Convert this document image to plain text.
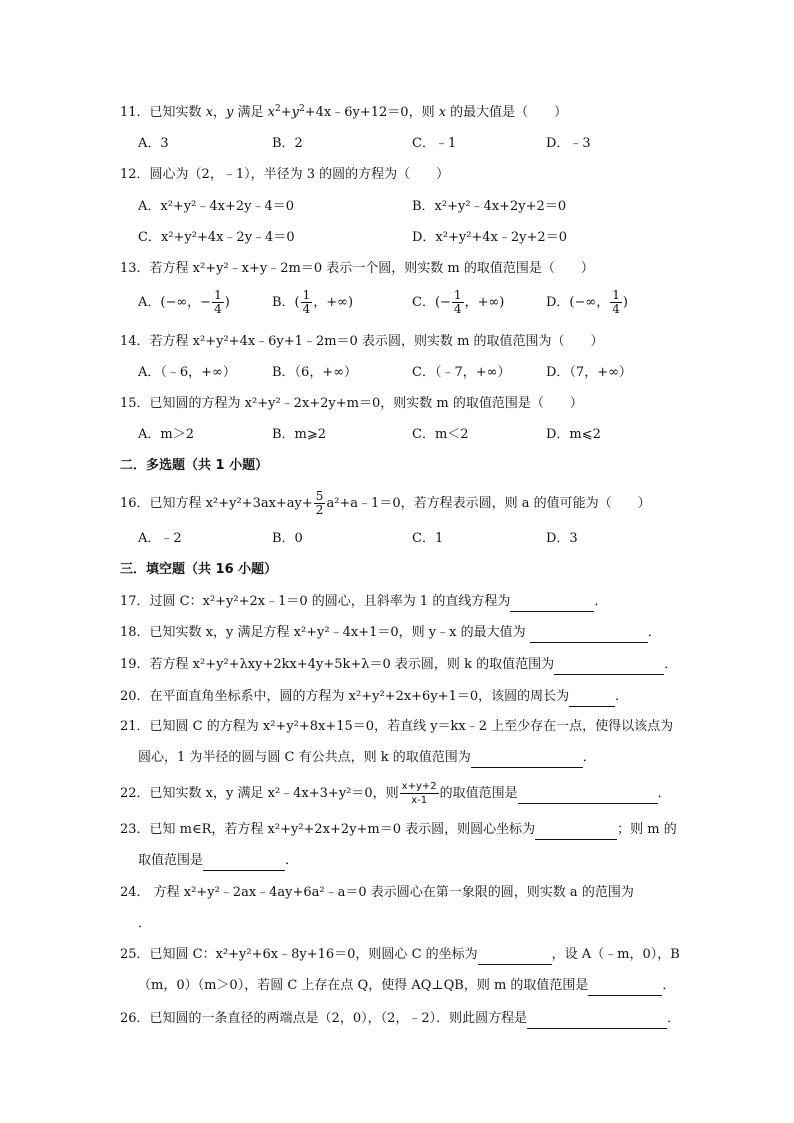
11．已知实数 x，y 满足 $x^2+y^2+4x﹣6y+12=0$，则 x 的最大值是（　　）
A．3	B．2	C．﹣1	D．﹣3
12．圆心为（2，﹣1），半径为 3 的圆的方程为（　　）
A．x²+y²﹣4x+2y﹣4＝0	B．x²+y²﹣4x+2y+2＝0
C．x²+y²+4x﹣2y﹣4＝0	D．x²+y²+4x﹣2y+2＝0
13．若方程 x²+y²﹣x+y﹣2m＝0 表示一个圆，则实数 m 的取值范围是（　　）
A．(−∞，− $\frac{1}{4}$ )	B．( $\frac{1}{4}$ ，+∞)	C．(− $\frac{1}{4}$ ，+∞)	D．(−∞， $\frac{1}{4}$ )
14．若方程 x²+y²+4x﹣6y+1﹣2m＝0 表示圆，则实数 m 的取值范围为（　　）
A．（﹣6，+∞）	B．（6，+∞）	C．（﹣7，+∞）	D．（7，+∞）
15．已知圆的方程为 x²+y²﹣2x+2y+m＝0，则实数 m 的取值范围是（　　）
A．m＞2	B．m⩾2	C．m＜2	D．m⩽2
二．多选题（共 1 小题）
16．已知方程 $x^2+y^2+3ax+ay+ \frac{5}{2}$ a²+a﹣1＝0，若方程表示圆，则 a 的值可能为（　　）
A．﹣2	B．0	C．1	D．3
三．填空题（共 16 小题）
17．过圆 C：x²+y²+2x﹣1＝0 的圆心，且斜率为 1 的直线方程为	．
18．已知实数 x，y 满足方程 x²+y²﹣4x+1＝0，则 y﹣x 的最大值为	．
19．若方程 x²+y²+λxy+2kx+4y+5k+λ＝0 表示圆，则 k 的取值范围为	．
20．在平面直角坐标系中，圆的方程为 x²+y²+2x+6y+1＝0，该圆的周长为	．
21．已知圆 C 的方程为 x²+y²+8x+15＝0，若直线 y＝kx﹣2 上至少存在一点，使得以该点为
圆心，1 为半径的圆与圆 C 有公共点，则 k 的取值范围为	．
22．已知实数 x，y 满足 x²﹣4x+3+y²＝0，则 $\frac{x+y+2}{x-1}$ 的取值范围是	．
23．已知 m∈R，若方程 x²+y²+2x+2y+m＝0 表示圆，则圆心坐标为	；则 m 的
取值范围是	．
24． 方程 x²+y²﹣2ax﹣4ay+6a²﹣a＝0 表示圆心在第一象限的圆，则实数 a 的范围为
．
25．已知圆 C：x²+y²+6x﹣8y+16＝0，则圆心 C 的坐标为	，设 A（﹣m，0），B
（m，0）（m＞0），若圆 C 上存在点 Q，使得 AQ⊥QB，则 m 的取值范围是	．
26．已知圆的一条直径的两端点是（2，0），（2，﹣2）．则此圆方程是	．
